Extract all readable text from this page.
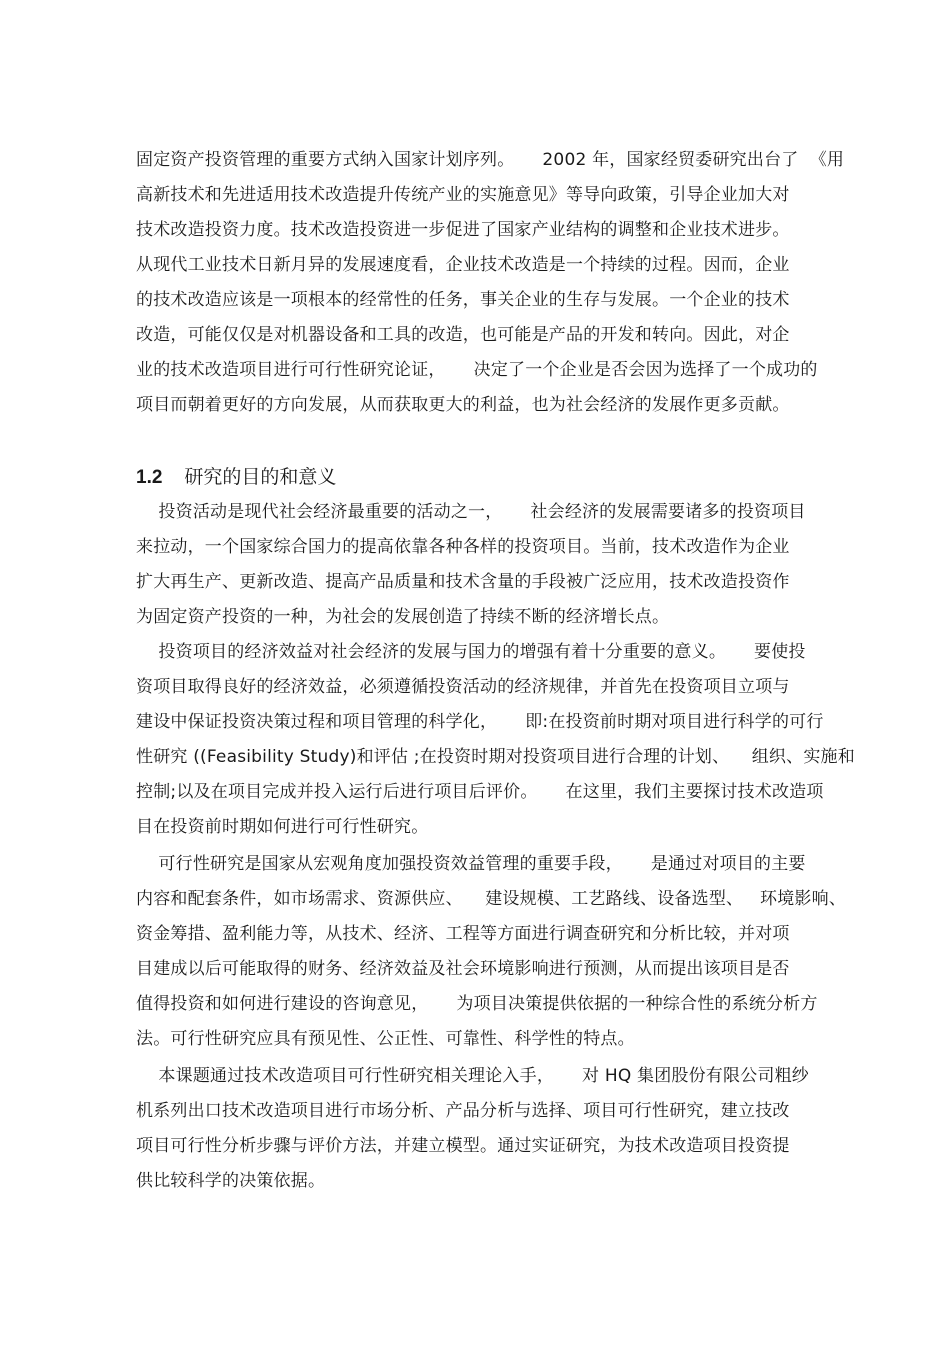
固定资产投资管理的重要方式纳入国家计划序列。     2002 年，国家经贸委研究出台了  《用
高新技术和先进适用技术改造提升传统产业的实施意见》等导向政策，引导企业加大对
技术改造投资力度。技术改造投资进一步促进了国家产业结构的调整和企业技术进步。
从现代工业技术日新月异的发展速度看，企业技术改造是一个持续的过程。因而，企业
的技术改造应该是一项根本的经常性的任务，事关企业的生存与发展。一个企业的技术
改造，可能仅仅是对机器设备和工具的改造，也可能是产品的开发和转向。因此，对企
业的技术改造项目进行可行性研究论证，     决定了一个企业是否会因为选择了一个成功的
项目而朝着更好的方向发展，从而获取更大的利益，也为社会经济的发展作更多贡献。
1.2 研究的目的和意义
投资活动是现代社会经济最重要的活动之一，     社会经济的发展需要诸多的投资项目
来拉动，一个国家综合国力的提高依靠各种各样的投资项目。当前，技术改造作为企业
扩大再生产、更新改造、提高产品质量和技术含量的手段被广泛应用，技术改造投资作
为固定资产投资的一种，为社会的发展创造了持续不断的经济增长点。
投资项目的经济效益对社会经济的发展与国力的增强有着十分重要的意义。     要使投
资项目取得良好的经济效益，必须遵循投资活动的经济规律，并首先在投资项目立项与
建设中保证投资决策过程和项目管理的科学化，     即:在投资前时期对项目进行科学的可行
性研究 ((Feasibility Study)和评估 ;在投资时期对投资项目进行合理的计划、    组织、实施和
控制;以及在项目完成并投入运行后进行项目后评价。     在这里，我们主要探讨技术改造项
目在投资前时期如何进行可行性研究。
可行性研究是国家从宏观角度加强投资效益管理的重要手段，     是通过对项目的主要
内容和配套条件，如市场需求、资源供应、    建设规模、工艺路线、设备选型、   环境影响、
资金筹措、盈利能力等，从技术、经济、工程等方面进行调查研究和分析比较，并对项
目建成以后可能取得的财务、经济效益及社会环境影响进行预测，从而提出该项目是否
值得投资和如何进行建设的咨询意见，     为项目决策提供依据的一种综合性的系统分析方
法。可行性研究应具有预见性、公正性、可靠性、科学性的特点。
本课题通过技术改造项目可行性研究相关理论入手，     对 HQ 集团股份有限公司粗纱
机系列出口技术改造项目进行市场分析、产品分析与选择、项目可行性研究，建立技改
项目可行性分析步骤与评价方法，并建立模型。通过实证研究，为技术改造项目投资提
供比较科学的决策依据。
